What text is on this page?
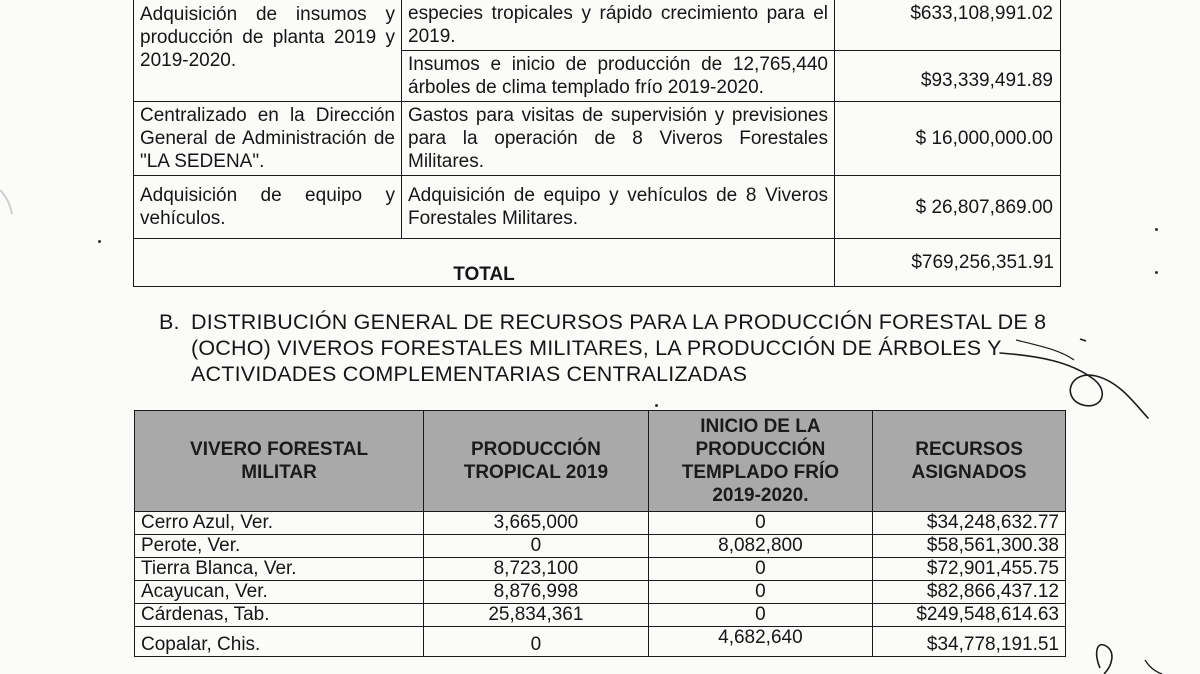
Adquisición de insumos y producción de planta 2019 y 2019-2020.	especies tropicales y rápido crecimiento para el 2019.	$633,108,991.02
	Insumos e inicio de producción de 12,765,440 árboles de clima templado frío 2019-2020.	$93,339,491.89
Centralizado en la Dirección General de Administración de "LA SEDENA".	Gastos para visitas de supervisión y previsiones para la operación de 8 Viveros Forestales Militares.	$ 16,000,000.00
Adquisición de equipo y vehículos.	Adquisición de equipo y vehículos de 8 Viveros Forestales Militares.	$ 26,807,869.00
TOTAL		$769,256,351.91
B. DISTRIBUCIÓN GENERAL DE RECURSOS PARA LA PRODUCCIÓN FORESTAL DE 8 (OCHO) VIVEROS FORESTALES MILITARES, LA PRODUCCIÓN DE ÁRBOLES Y ACTIVIDADES COMPLEMENTARIAS CENTRALIZADAS
VIVERO FORESTAL MILITAR	PRODUCCIÓN TROPICAL 2019	INICIO DE LA PRODUCCIÓN TEMPLADO FRÍO 2019-2020.	RECURSOS ASIGNADOS
Cerro Azul, Ver.	3,665,000	0	$34,248,632.77
Perote, Ver.	0	8,082,800	$58,561,300.38
Tierra Blanca, Ver.	8,723,100	0	$72,901,455.75
Acayucan, Ver.	8,876,998	0	$82,866,437.12
Cárdenas, Tab.	25,834,361	0	$249,548,614.63
Copalar, Chis.	0	4,682,640	$34,778,191.51
